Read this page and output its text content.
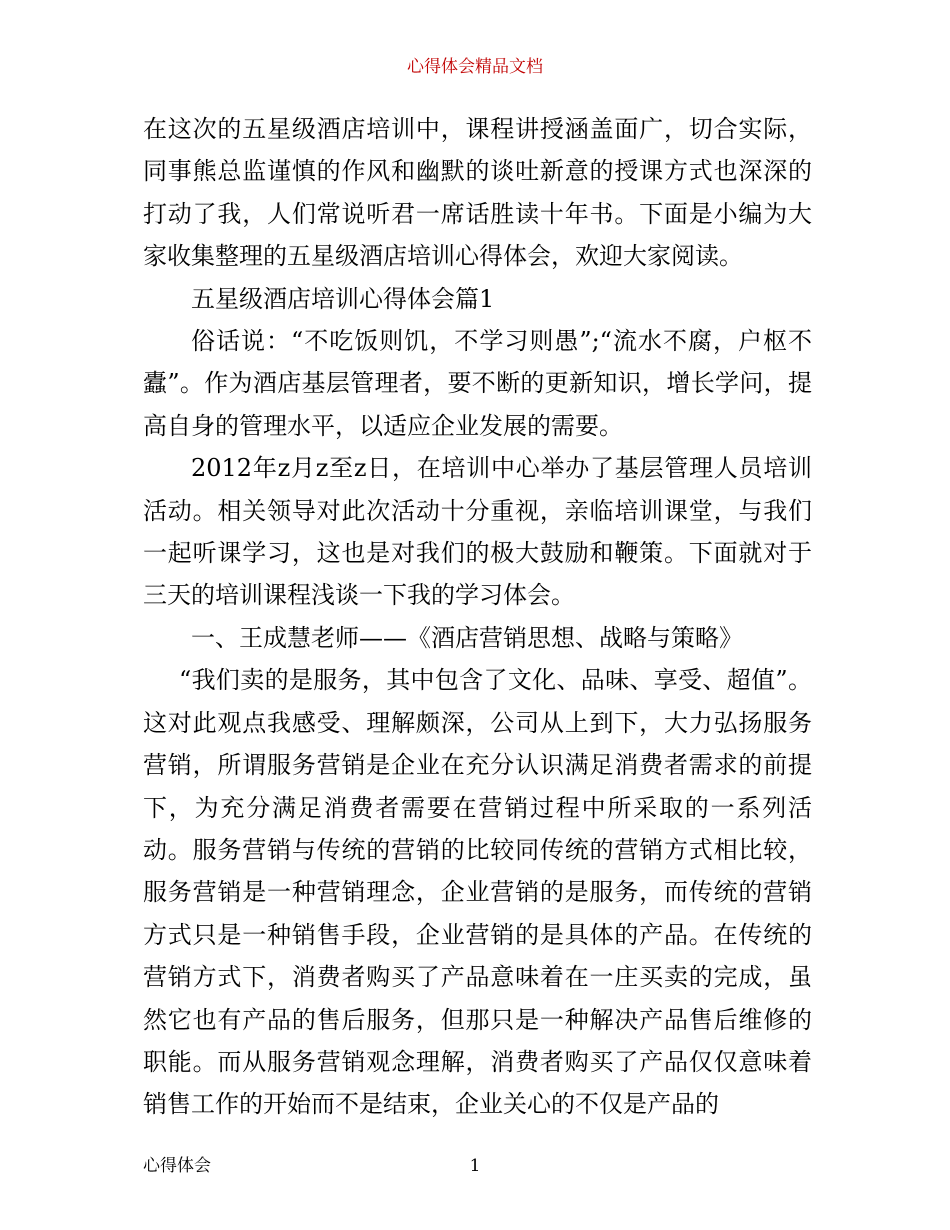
心得体会精品文档

在这次的五星级酒店培训中，课程讲授涵盖面广，切合实际，同事熊总监谨慎的作风和幽默的谈吐新意的授课方式也深深的打动了我，人们常说听君一席话胜读十年书。下面是小编为大家收集整理的五星级酒店培训心得体会，欢迎大家阅读。

五星级酒店培训心得体会篇1

俗话说：“不吃饭则饥，不学习则愚”;“流水不腐，户枢不蠹”。作为酒店基层管理者，要不断的更新知识，增长学问，提高自身的管理水平，以适应企业发展的需要。

2012年z月z至z日，在培训中心举办了基层管理人员培训活动。相关领导对此次活动十分重视，亲临培训课堂，与我们一起听课学习，这也是对我们的极大鼓励和鞭策。下面就对于三天的培训课程浅谈一下我的学习体会。

一、王成慧老师——《酒店营销思想、战略与策略》

“我们卖的是服务，其中包含了文化、品味、享受、超值”。这对此观点我感受、理解颇深，公司从上到下，大力弘扬服务营销，所谓服务营销是企业在充分认识满足消费者需求的前提下，为充分满足消费者需要在营销过程中所采取的一系列活动。服务营销与传统的营销的比较同传统的营销方式相比较，服务营销是一种营销理念，企业营销的是服务，而传统的营销方式只是一种销售手段，企业营销的是具体的产品。在传统的营销方式下，消费者购买了产品意味着在一庄买卖的完成，虽然它也有产品的售后服务，但那只是一种解决产品售后维修的职能。而从服务营销观念理解，消费者购买了产品仅仅意味着销售工作的开始而不是结束，企业关心的不仅是产品的

心得体会	1
